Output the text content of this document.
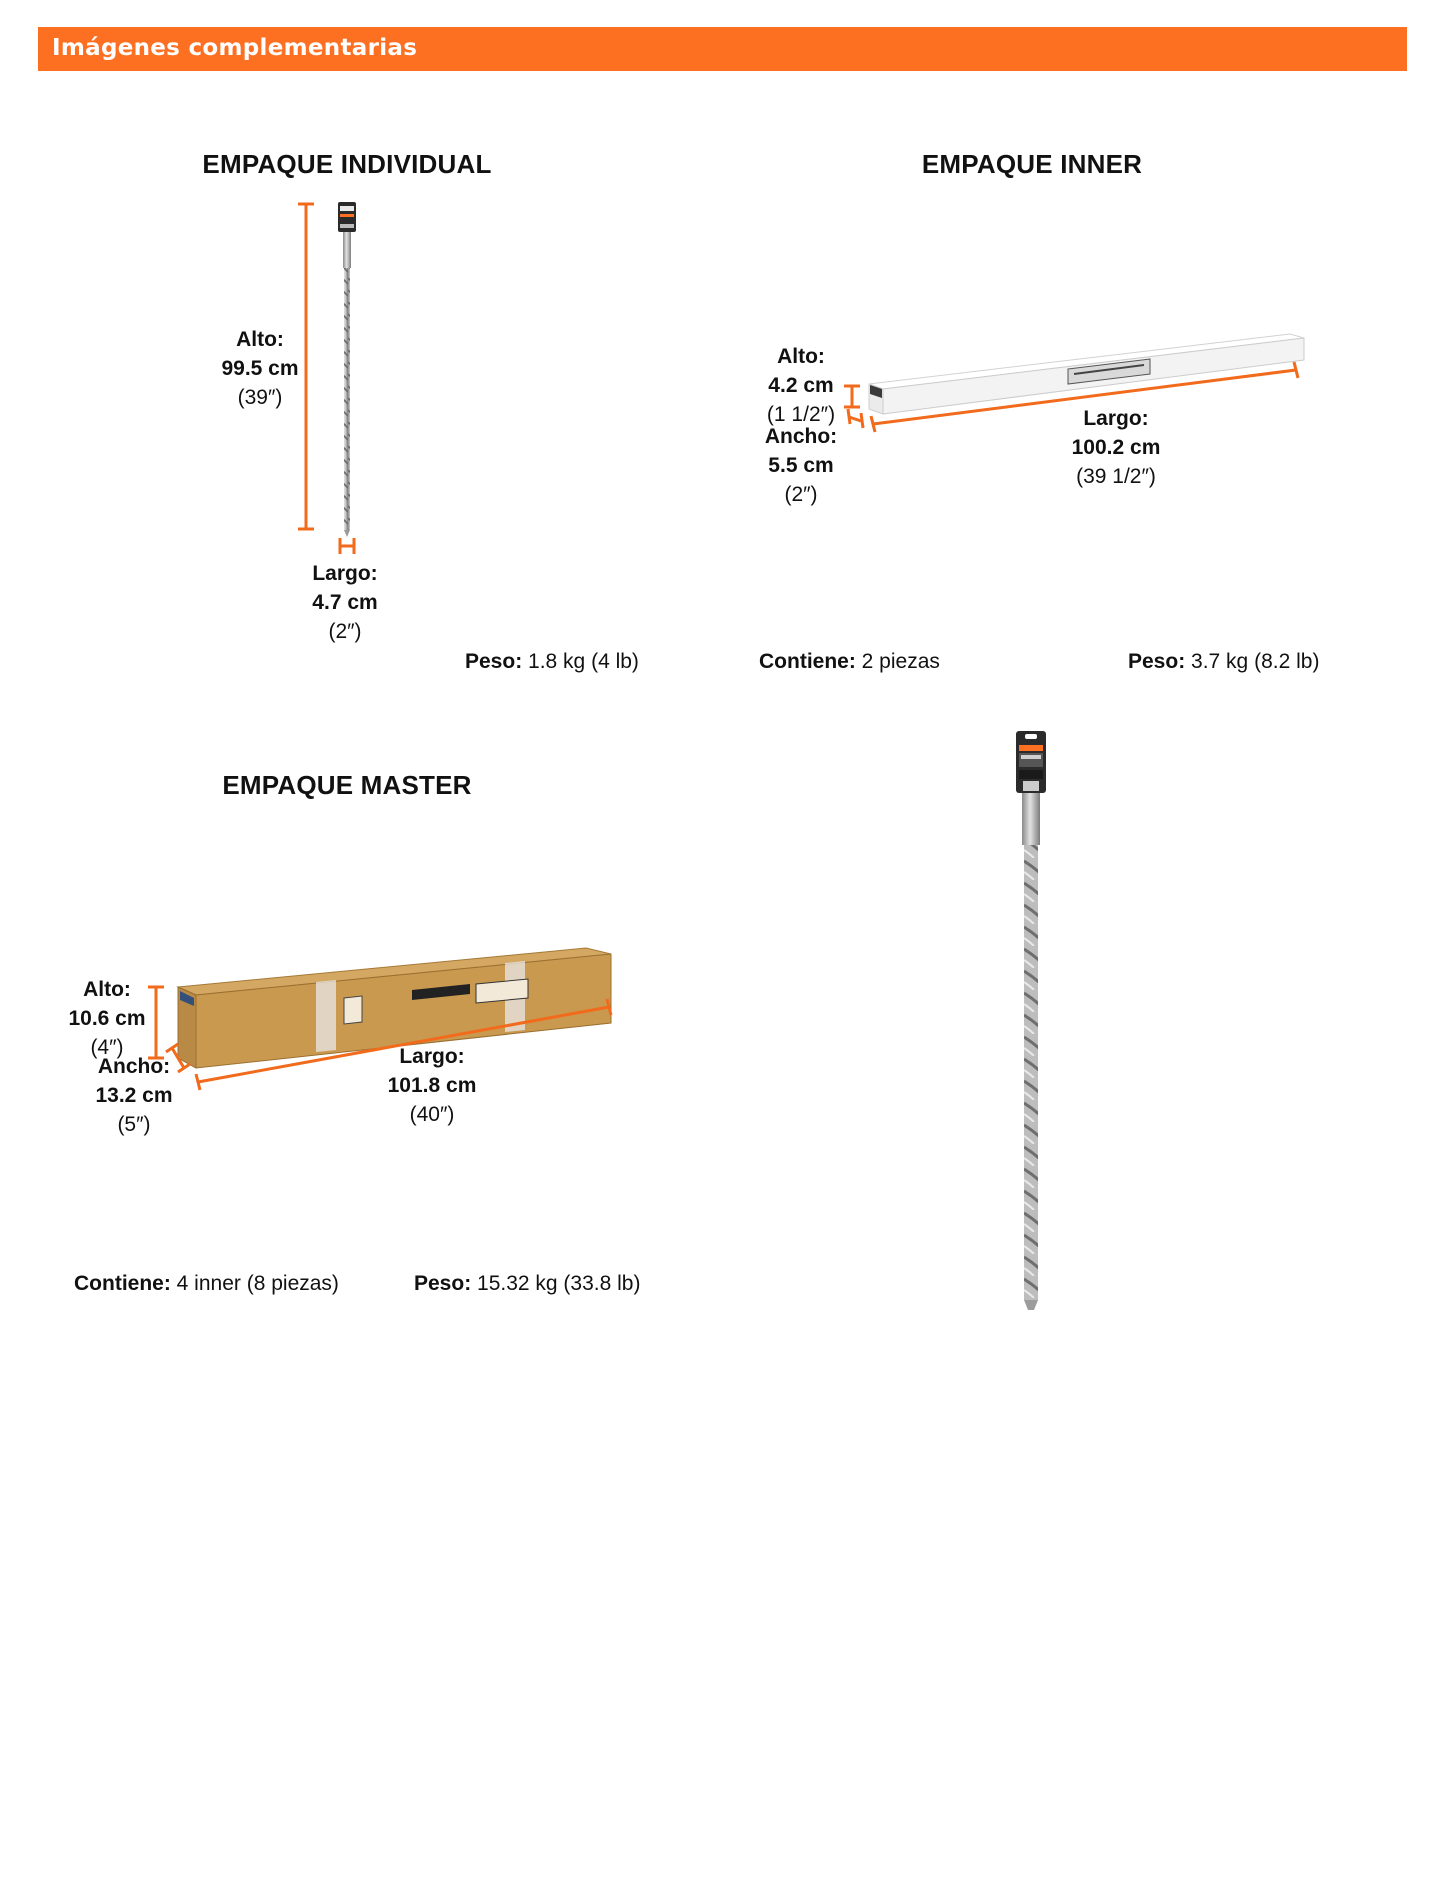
Imágenes complementarias
EMPAQUE INDIVIDUAL
Alto:
99.5 cm
(39″)
Largo:
4.7 cm
(2″)
Peso: 1.8 kg (4 lb)
EMPAQUE INNER
Alto:
4.2 cm
(1 1/2″)
Ancho:
5.5 cm
(2″)
Largo:
100.2 cm
(39 1/2″)
Contiene: 2 piezas	Peso: 3.7 kg (8.2 lb)
EMPAQUE MASTER
Alto:
10.6 cm
(4″)
Ancho:
13.2 cm
(5″)
Largo:
101.8 cm
(40″)
Contiene: 4 inner (8 piezas)	Peso: 15.32 kg (33.8 lb)
